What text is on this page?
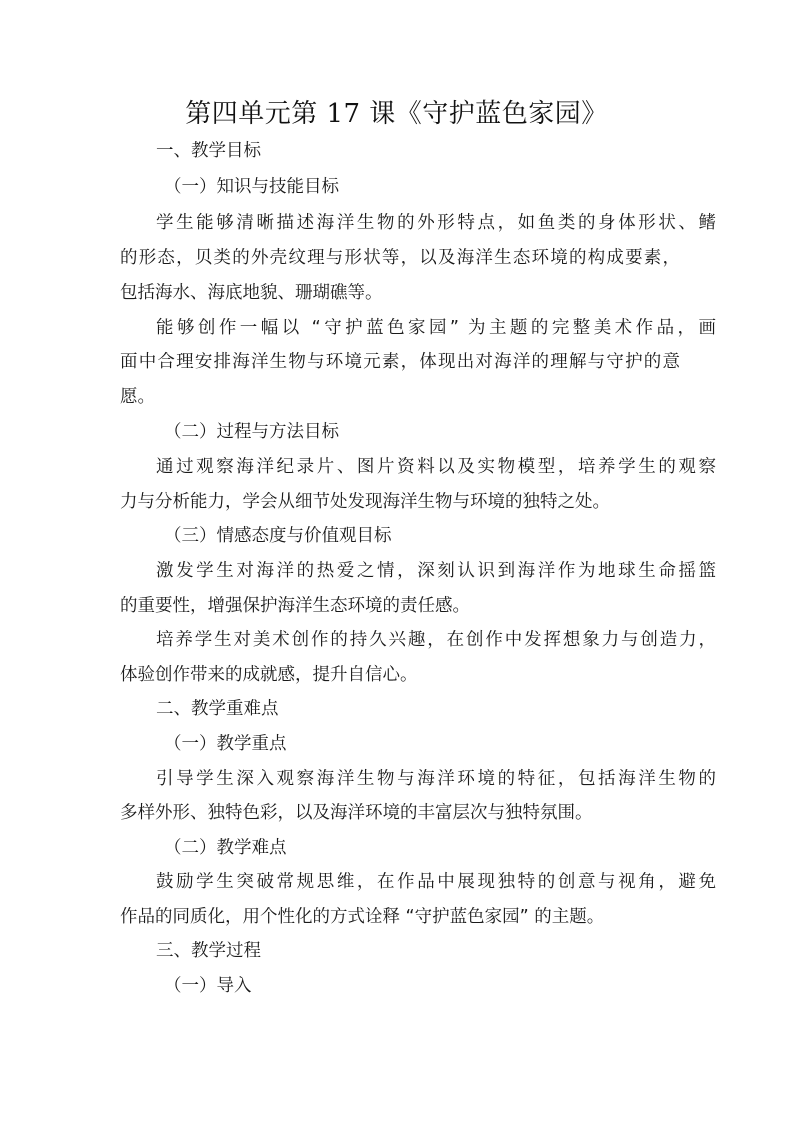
第四单元第 17 课《守护蓝色家园》
一、教学目标
（一）知识与技能目标
学生能够清晰描述海洋生物的外形特点，如鱼类的身体形状、鳍
的形态，贝类的外壳纹理与形状等，以及海洋生态环境的构成要素，
包括海水、海底地貌、珊瑚礁等。
能够创作一幅以 “守护蓝色家园” 为主题的完整美术作品，画
面中合理安排海洋生物与环境元素，体现出对海洋的理解与守护的意
愿。
（二）过程与方法目标
通过观察海洋纪录片、图片资料以及实物模型，培养学生的观察
力与分析能力，学会从细节处发现海洋生物与环境的独特之处。
（三）情感态度与价值观目标
激发学生对海洋的热爱之情，深刻认识到海洋作为地球生命摇篮
的重要性，增强保护海洋生态环境的责任感。
培养学生对美术创作的持久兴趣，在创作中发挥想象力与创造力，
体验创作带来的成就感，提升自信心。
二、教学重难点
（一）教学重点
引导学生深入观察海洋生物与海洋环境的特征，包括海洋生物的
多样外形、独特色彩，以及海洋环境的丰富层次与独特氛围。
（二）教学难点
鼓励学生突破常规思维，在作品中展现独特的创意与视角，避免
作品的同质化，用个性化的方式诠释 “守护蓝色家园” 的主题。
三、教学过程
（一）导入
